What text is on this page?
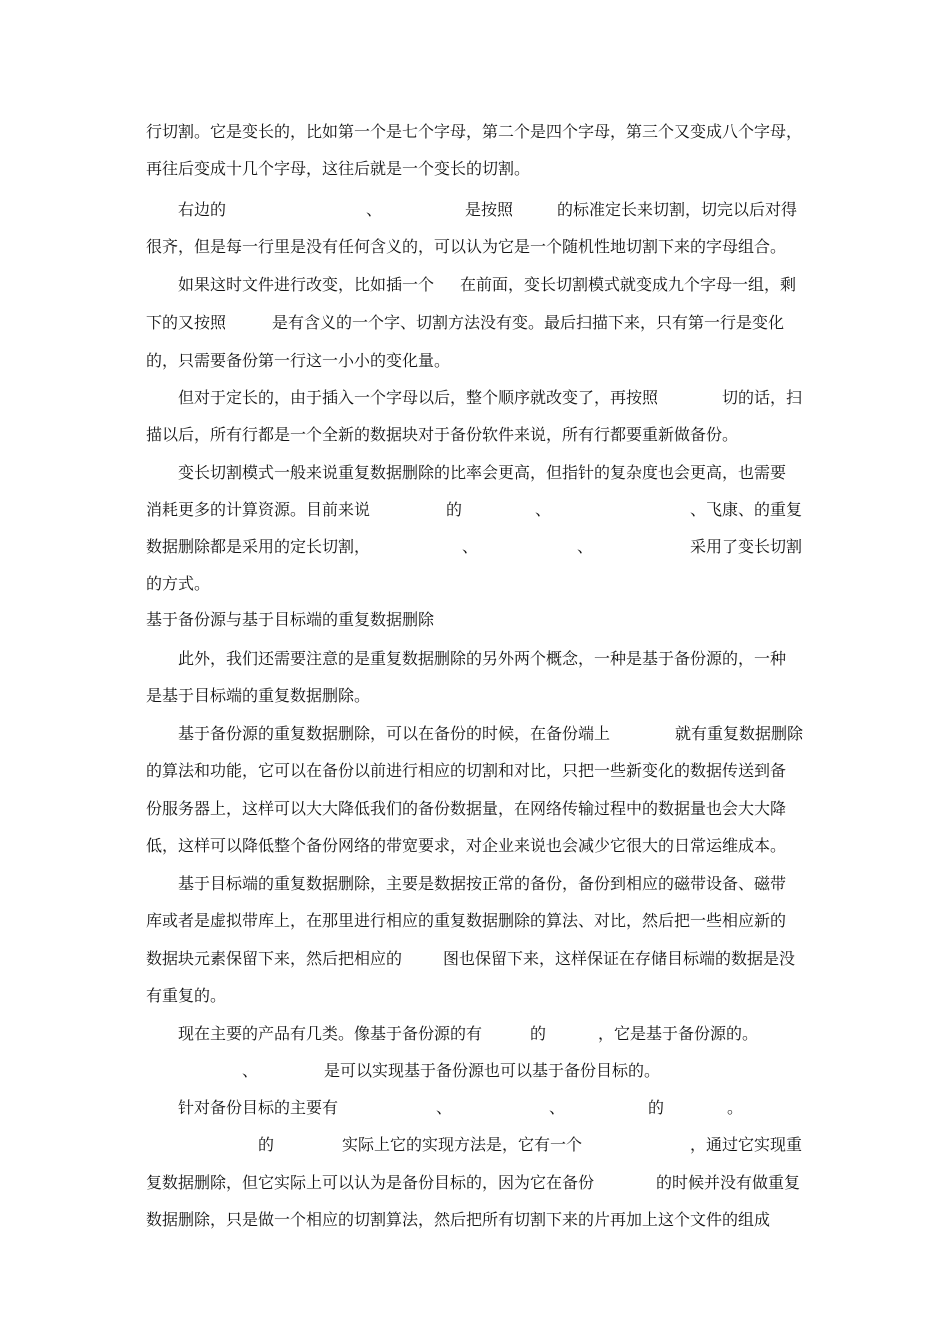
行切割。它是变长的，比如第一个是七个字母，第二个是四个字母，第三个又变成八个字母，

再往后变成十几个字母，这往后就是一个变长的切割。

右边的

	、

	是按照

	的标准定长来切割，切完以后对得

很齐，但是每一行里是没有任何含义的，可以认为它是一个随机性地切割下来的字母组合。

如果这时文件进行改变，比如插一个

在前面，变长切割模式就变成九个字母一组，剩

下的又按照

	是有含义的一个字、切割方法没有变。最后扫描下来，只有第一行是变化

的，只需要备份第一行这一小小的变化量。

但对于定长的，由于插入一个字母以后，整个顺序就改变了，再按照

	切的话，扫

描以后，所有行都是一个全新的数据块对于备份软件来说，所有行都要重新做备份。

变长切割模式一般来说重复数据删除的比率会更高，但指针的复杂度也会更高，也需要

消耗更多的计算资源。目前来说

	的

	、

	、飞康、的重复

数据删除都是采用的定长切割，

	、

	、

	采用了变长切割

的方式。

基于备份源与基于目标端的重复数据删除

此外，我们还需要注意的是重复数据删除的另外两个概念，一种是基于备份源的，一种

是基于目标端的重复数据删除。

基于备份源的重复数据删除，可以在备份的时候，在备份端上

	就有重复数据删除

的算法和功能，它可以在备份以前进行相应的切割和对比，只把一些新变化的数据传送到备

份服务器上，这样可以大大降低我们的备份数据量，在网络传输过程中的数据量也会大大降

低，这样可以降低整个备份网络的带宽要求，对企业来说也会减少它很大的日常运维成本。

基于目标端的重复数据删除，主要是数据按正常的备份，备份到相应的磁带设备、磁带

库或者是虚拟带库上，在那里进行相应的重复数据删除的算法、对比，然后把一些相应新的

数据块元素保留下来，然后把相应的

	图也保留下来，这样保证在存储目标端的数据是没

有重复的。

现在主要的产品有几类。像基于备份源的有

	的

	，它是基于备份源的。

、

	是可以实现基于备份源也可以基于备份目标的。

针对备份目标的主要有

	、

	、

	的

	。

的

	实际上它的实现方法是，它有一个

	，通过它实现重

复数据删除，但它实际上可以认为是备份目标的，因为它在备份

	的时候并没有做重复

数据删除，只是做一个相应的切割算法，然后把所有切割下来的片再加上这个文件的组成
